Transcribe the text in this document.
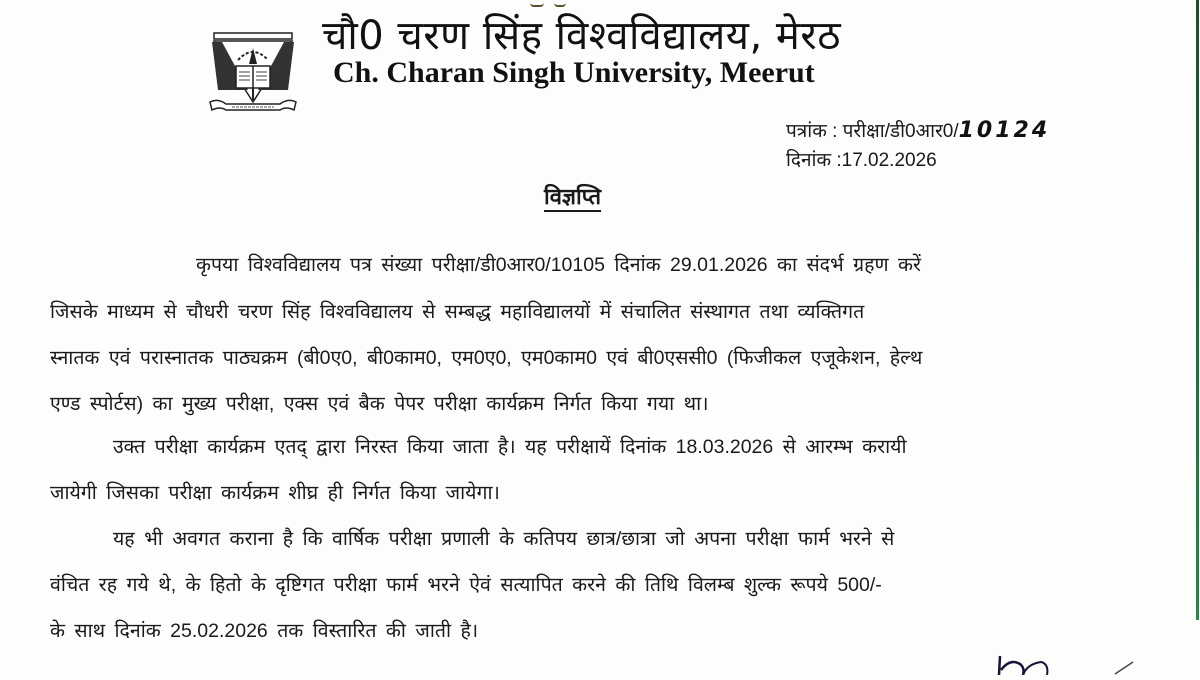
चौ0 चरण सिंह विश्वविद्यालय, मेरठ
Ch. Charan Singh University, Meerut
पत्रांक : परीक्षा/डी0आर0/10124
दिनांक :17.02.2026
विज्ञप्ति
कृपया विश्वविद्यालय पत्र संख्या परीक्षा/डी0आर0/10105 दिनांक 29.01.2026 का संदर्भ ग्रहण करें
जिसके माध्यम से चौधरी चरण सिंह विश्वविद्यालय से सम्बद्ध महाविद्यालयों में संचालित संस्थागत तथा व्यक्तिगत
स्नातक एवं परास्नातक पाठ्यक्रम (बी0ए0, बी0काम0, एम0ए0, एम0काम0 एवं बी0एससी0 (फिजीकल एजूकेशन, हेल्थ
एण्ड स्पोर्टस) का मुख्य परीक्षा, एक्स एवं बैक पेपर परीक्षा कार्यक्रम निर्गत किया गया था।
उक्त परीक्षा कार्यक्रम एतद् द्वारा निरस्त किया जाता है। यह परीक्षायें दिनांक 18.03.2026 से आरम्भ करायी
जायेगी जिसका परीक्षा कार्यक्रम शीघ्र ही निर्गत किया जायेगा।
यह भी अवगत कराना है कि वार्षिक परीक्षा प्रणाली के कतिपय छात्र/छात्रा जो अपना परीक्षा फार्म भरने से
वंचित रह गये थे, के हितो के दृष्टिगत परीक्षा फार्म भरने ऐवं सत्यापित करने की तिथि विलम्ब शुल्क रूपये 500/-
के साथ दिनांक 25.02.2026 तक विस्तारित की जाती है।
